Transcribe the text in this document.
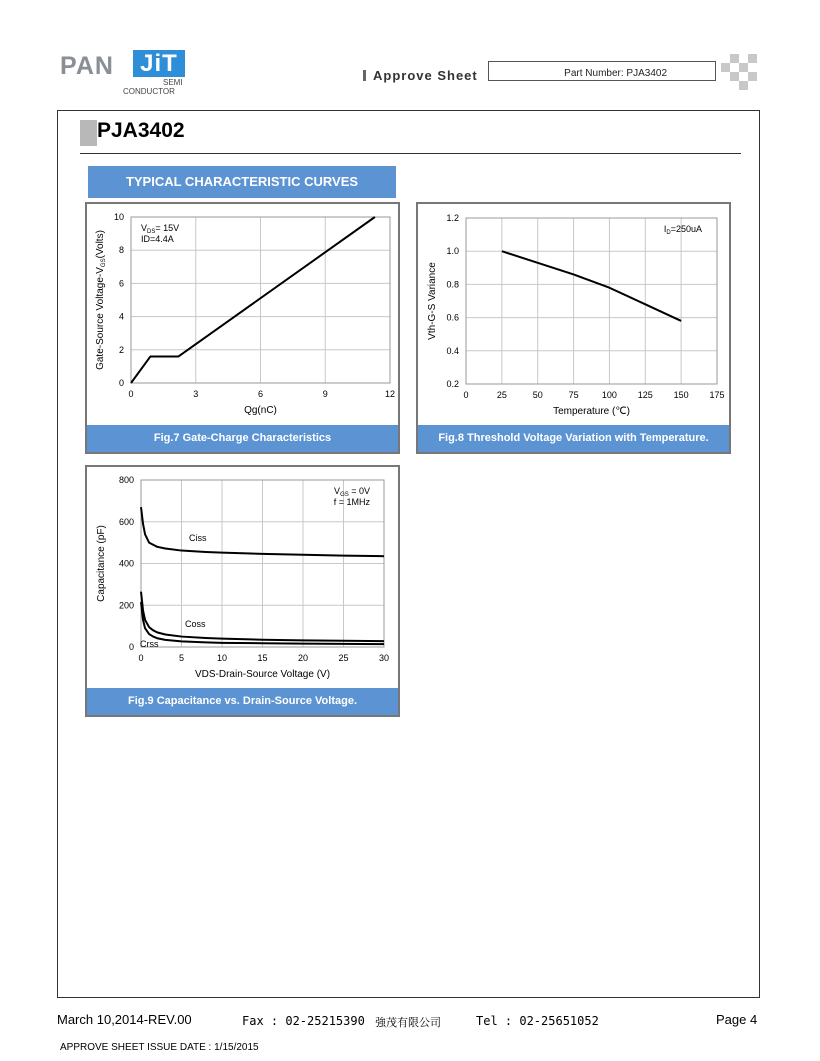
PAN JiT
SEMI
CONDUCTOR
Approve Sheet	Part Number: PJA3402
PJA3402
TYPICAL CHARACTERISTIC CURVES
0	3	6	9	12
0
2
4
6
8
10
Qg(nC)
Gate-Source Voltage-$V_{GS}(Volts)$
$V_{DS}= 15V$
ID=4.4A
Fig.7 Gate-Charge Characteristics
0	25	50	75	100 125 150 175
0.2
0.4
0.6
0.8
1.0
1.2
Temperature (℃)
Vth-G-S Variance
$I_D=250uA$
Fig.8 Threshold Voltage Variation with Temperature.
0	5	10	15	20	25	30
0
200
400
600
800
VDS-Drain-Source Voltage (V)
Capacitance (pF)
$V_{GS} = 0V$
f = 1MHz
Ciss
Coss
Crss
Fig.9 Capacitance vs. Drain-Source Voltage.
March 10,2014-REV.00	Fax : 02-25215390 強茂有限公司	Tel : 02-25651052	Page 4
APPROVE SHEET ISSUE DATE : 1/15/2015
